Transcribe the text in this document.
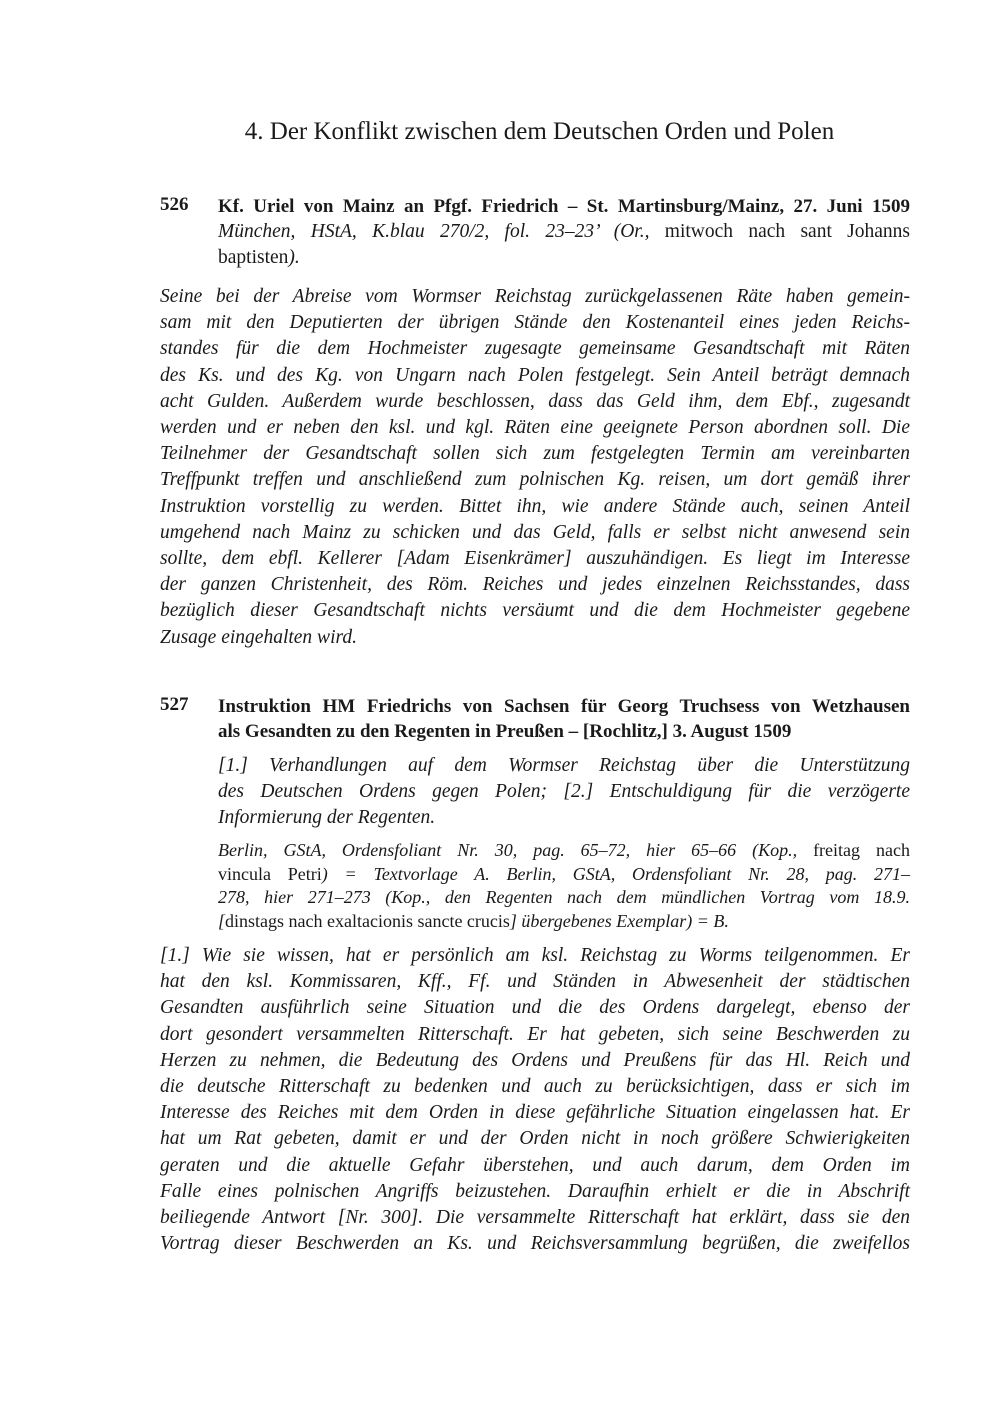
4. Der Konflikt zwischen dem Deutschen Orden und Polen
526 Kf. Uriel von Mainz an Pfgf. Friedrich – St. Martinsburg/Mainz, 27. Juni 1509
München, HStA, K.blau 270/2, fol. 23–23’ (Or., mitwoch nach sant Johanns
baptisten).
Seine bei der Abreise vom Wormser Reichstag zurückgelassenen Räte haben gemein-
sam mit den Deputierten der übrigen Stände den Kostenanteil eines jeden Reichs-
standes für die dem Hochmeister zugesagte gemeinsame Gesandtschaft mit Räten
des Ks. und des Kg. von Ungarn nach Polen festgelegt. Sein Anteil beträgt demnach
acht Gulden. Außerdem wurde beschlossen, dass das Geld ihm, dem Ebf., zugesandt
werden und er neben den ksl. und kgl. Räten eine geeignete Person abordnen soll. Die
Teilnehmer der Gesandtschaft sollen sich zum festgelegten Termin am vereinbarten
Treffpunkt treffen und anschließend zum polnischen Kg. reisen, um dort gemäß ihrer
Instruktion vorstellig zu werden. Bittet ihn, wie andere Stände auch, seinen Anteil
umgehend nach Mainz zu schicken und das Geld, falls er selbst nicht anwesend sein
sollte, dem ebfl. Kellerer [Adam Eisenkrämer] auszuhändigen. Es liegt im Interesse
der ganzen Christenheit, des Röm. Reiches und jedes einzelnen Reichsstandes, dass
bezüglich dieser Gesandtschaft nichts versäumt und die dem Hochmeister gegebene
Zusage eingehalten wird.
527 Instruktion HM Friedrichs von Sachsen für Georg Truchsess von Wetzhausen
als Gesandten zu den Regenten in Preußen – [Rochlitz,] 3. August 1509
[1.] Verhandlungen auf dem Wormser Reichstag über die Unterstützung
des Deutschen Ordens gegen Polen; [2.] Entschuldigung für die verzögerte
Informierung der Regenten.
Berlin, GStA, Ordensfoliant Nr. 30, pag. 65–72, hier 65–66 (Kop., freitag nach
vincula Petri) = Textvorlage A. Berlin, GStA, Ordensfoliant Nr. 28, pag. 271–
278, hier 271–273 (Kop., den Regenten nach dem mündlichen Vortrag vom 18.9.
[dinstags nach exaltacionis sancte crucis] übergebenes Exemplar) = B.
[1.] Wie sie wissen, hat er persönlich am ksl. Reichstag zu Worms teilgenommen. Er
hat den ksl. Kommissaren, Kff., Ff. und Ständen in Abwesenheit der städtischen
Gesandten ausführlich seine Situation und die des Ordens dargelegt, ebenso der
dort gesondert versammelten Ritterschaft. Er hat gebeten, sich seine Beschwerden zu
Herzen zu nehmen, die Bedeutung des Ordens und Preußens für das Hl. Reich und
die deutsche Ritterschaft zu bedenken und auch zu berücksichtigen, dass er sich im
Interesse des Reiches mit dem Orden in diese gefährliche Situation eingelassen hat. Er
hat um Rat gebeten, damit er und der Orden nicht in noch größere Schwierigkeiten
geraten und die aktuelle Gefahr überstehen, und auch darum, dem Orden im
Falle eines polnischen Angriffs beizustehen. Daraufhin erhielt er die in Abschrift
beiliegende Antwort [Nr. 300]. Die versammelte Ritterschaft hat erklärt, dass sie den
Vortrag dieser Beschwerden an Ks. und Reichsversammlung begrüßen, die zweifellos
